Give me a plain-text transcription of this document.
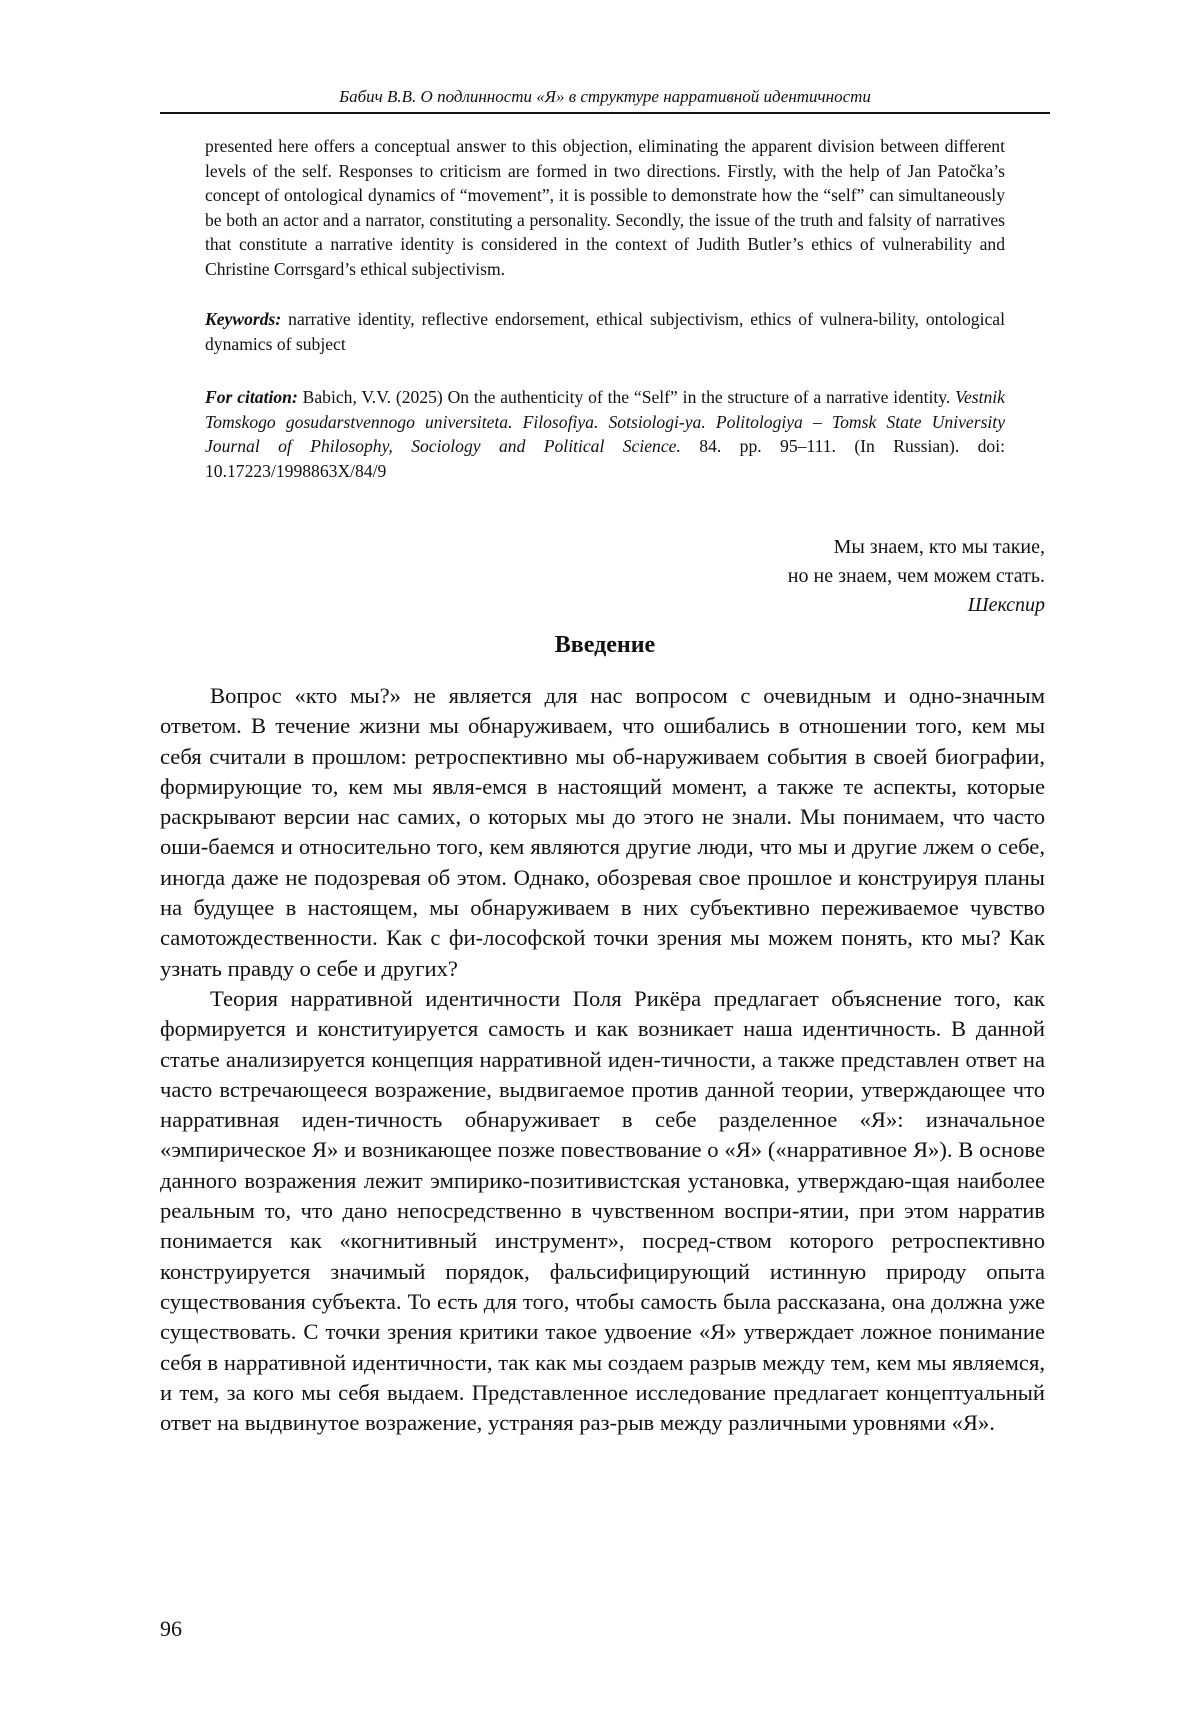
Бабич В.В. О подлинности «Я» в структуре нарративной идентичности
presented here offers a conceptual answer to this objection, eliminating the apparent division between different levels of the self. Responses to criticism are formed in two directions. Firstly, with the help of Jan Patočka’s concept of ontological dynamics of “movement”, it is possible to demonstrate how the “self” can simultaneously be both an actor and a narrator, constituting a personality. Secondly, the issue of the truth and falsity of narratives that constitute a narrative identity is considered in the context of Judith Butler’s ethics of vulnerability and Christine Corrsgard’s ethical subjectivism.
Keywords: narrative identity, reflective endorsement, ethical subjectivism, ethics of vulnera-bility, ontological dynamics of subject
For citation: Babich, V.V. (2025) On the authenticity of the “Self” in the structure of a narrative identity. Vestnik Tomskogo gosudarstvennogo universiteta. Filosofiya. Sotsiologi-ya. Politologiya – Tomsk State University Journal of Philosophy, Sociology and Political Science. 84. pp. 95–111. (In Russian). doi: 10.17223/1998863X/84/9
Мы знаем, кто мы такие,
но не знаем, чем можем стать.
Шекспир
Введение

Вопрос «кто мы?» не является для нас вопросом с очевидным и одно-значным ответом. В течение жизни мы обнаруживаем, что ошибались в отношении того, кем мы себя считали в прошлом: ретроспективно мы об-наруживаем события в своей биографии, формирующие то, кем мы явля-емся в настоящий момент, а также те аспекты, которые раскрывают версии нас самих, о которых мы до этого не знали. Мы понимаем, что часто оши-баемся и относительно того, кем являются другие люди, что мы и другие лжем о себе, иногда даже не подозревая об этом. Однако, обозревая свое прошлое и конструируя планы на будущее в настоящем, мы обнаруживаем в них субъективно переживаемое чувство самотождественности. Как с фи-лософской точки зрения мы можем понять, кто мы? Как узнать правду о себе и других?

Теория нарративной идентичности Поля Рикёра предлагает объяснение того, как формируется и конституируется самость и как возникает наша идентичность. В данной статье анализируется концепция нарративной иден-тичности, а также представлен ответ на часто встречающееся возражение, выдвигаемое против данной теории, утверждающее что нарративная иден-тичность обнаруживает в себе разделенное «Я»: изначальное «эмпирическое Я» и возникающее позже повествование о «Я» («нарративное Я»). В основе данного возражения лежит эмпирико-позитивистская установка, утверждаю-щая наиболее реальным то, что дано непосредственно в чувственном воспри-ятии, при этом нарратив понимается как «когнитивный инструмент», посред-ством которого ретроспективно конструируется значимый порядок, фальсифицирующий истинную природу опыта существования субъекта. То есть для того, чтобы самость была рассказана, она должна уже существовать. С точки зрения критики такое удвоение «Я» утверждает ложное понимание себя в нарративной идентичности, так как мы создаем разрыв между тем, кем мы являемся, и тем, за кого мы себя выдаем. Представленное исследование предлагает концептуальный ответ на выдвинутое возражение, устраняя раз-рыв между различными уровнями «Я».

96
